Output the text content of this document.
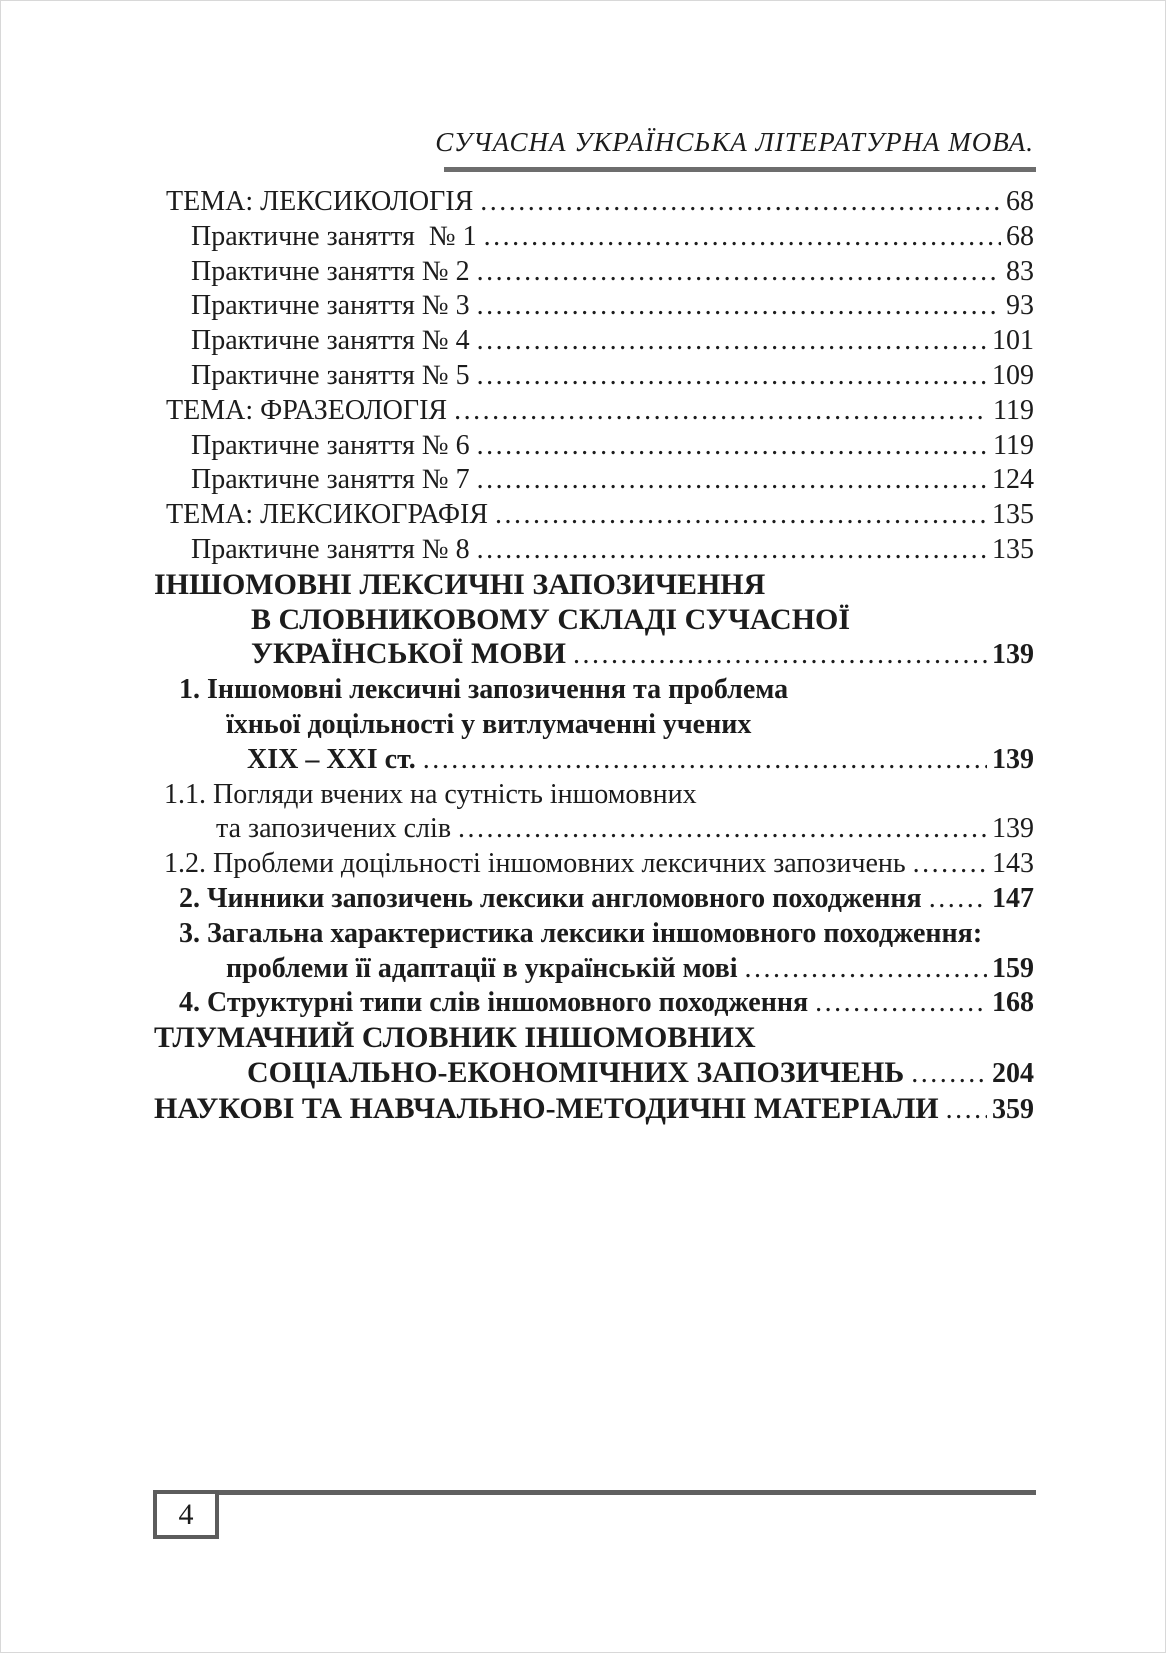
СУЧАСНА УКРАЇНСЬКА ЛІТЕРАТУРНА МОВА.
ТЕМА: ЛЕКСИКОЛОГІЯ .....	68
Практичне заняття  № 1 .....	68
Практичне заняття № 2 .....	83
Практичне заняття № 3 .....	93
Практичне заняття № 4 .....	101
Практичне заняття № 5 .....	109
ТЕМА: ФРАЗЕОЛОГІЯ .....	119
Практичне заняття № 6 .....	119
Практичне заняття № 7 .....	124
ТЕМА: ЛЕКСИКОГРАФІЯ .....	135
Практичне заняття № 8 .....	135
ІНШОМОВНІ ЛЕКСИЧНІ ЗАПОЗИЧЕННЯ
В СЛОВНИКОВОМУ СКЛАДІ СУЧАСНОЇ
УКРАЇНСЬКОЇ МОВИ .....	139
1. Іншомовні лексичні запозичення та проблема
їхньої доцільності у витлумаченні учених
XIX – XXI ст. .....	139
1.1. Погляди вчених на сутність іншомовних
та запозичених слів .....	139
1.2. Проблеми доцільності іншомовних лексичних запозичень .....	143
2. Чинники запозичень лексики англомовного походження .....	147
3. Загальна характеристика лексики іншомовного походження:
проблеми її адаптації в українській мові .....	159
4. Структурні типи слів іншомовного походження .....	168
ТЛУМАЧНИЙ СЛОВНИК ІНШОМОВНИХ
СОЦІАЛЬНО-ЕКОНОМІЧНИХ ЗАПОЗИЧЕНЬ .....	204
НАУКОВІ ТА НАВЧАЛЬНО-МЕТОДИЧНІ МАТЕРІАЛИ ..... 359
4
